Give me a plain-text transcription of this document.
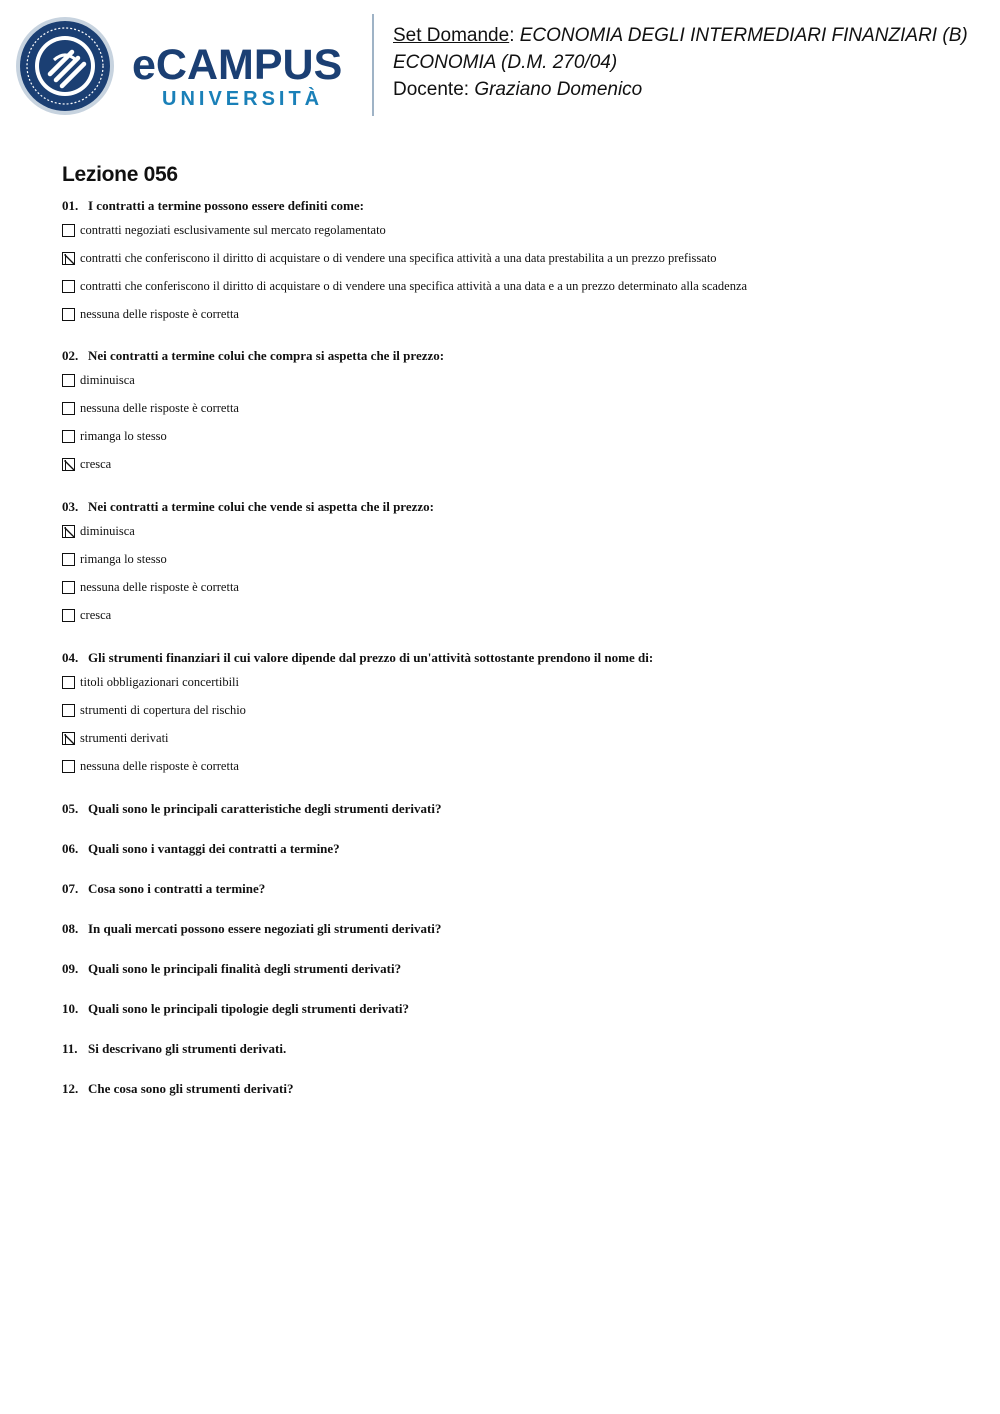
eCAMPUS
UNIVERSITÀ
Set Domande: ECONOMIA DEGLI INTERMEDIARI FINANZIARI (B)
ECONOMIA (D.M. 270/04)
Docente: Graziano Domenico
Lezione 056
01. I contratti a termine possono essere definiti come:
contratti negoziati esclusivamente sul mercato regolamentato
contratti che conferiscono il diritto di acquistare o di vendere una specifica attività a una data prestabilita a un prezzo prefissato
contratti che conferiscono il diritto di acquistare o di vendere una specifica attività a una data e a un prezzo determinato alla scadenza
nessuna delle risposte è corretta
02. Nei contratti a termine colui che compra si aspetta che il prezzo:
diminuisca
nessuna delle risposte è corretta
rimanga lo stesso
cresca
03. Nei contratti a termine colui che vende si aspetta che il prezzo:
diminuisca
rimanga lo stesso
nessuna delle risposte è corretta
cresca
04. Gli strumenti finanziari il cui valore dipende dal prezzo di un'attività sottostante prendono il nome di:
titoli obbligazionari concertibili
strumenti di copertura del rischio
strumenti derivati
nessuna delle risposte è corretta
05. Quali sono le principali caratteristiche degli strumenti derivati?
06. Quali sono i vantaggi dei contratti a termine?
07. Cosa sono i contratti a termine?
08. In quali mercati possono essere negoziati gli strumenti derivati?
09. Quali sono le principali finalità degli strumenti derivati?
10. Quali sono le principali tipologie degli strumenti derivati?
11. Si descrivano gli strumenti derivati.
12. Che cosa sono gli strumenti derivati?
